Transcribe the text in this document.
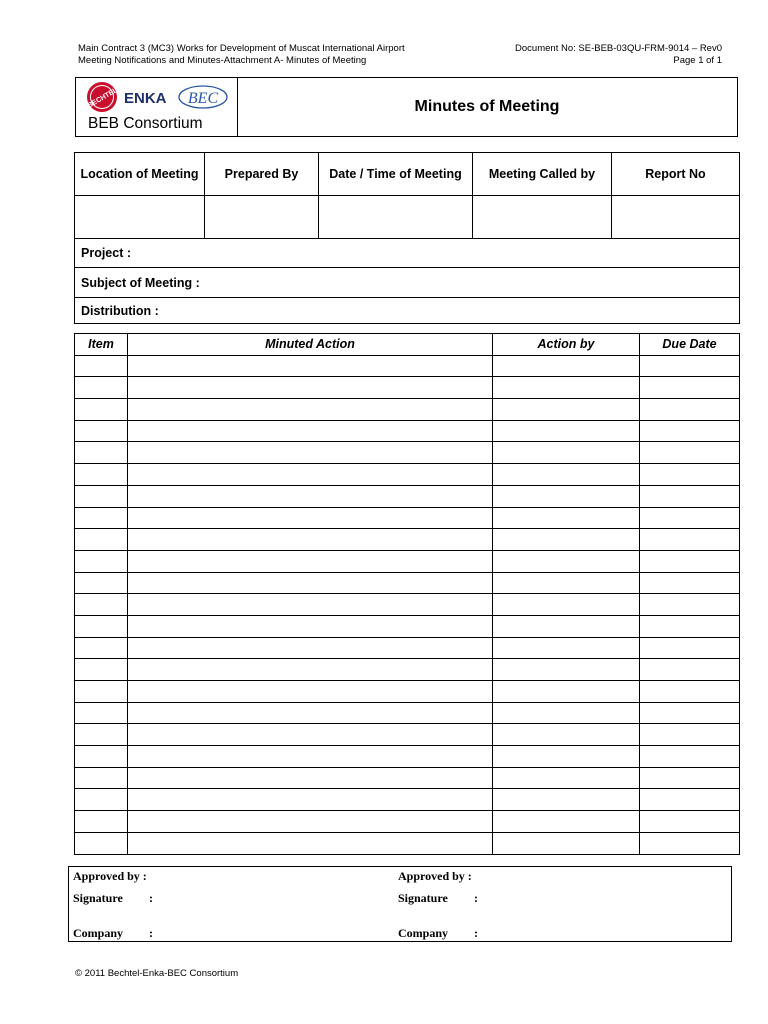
Main Contract 3 (MC3) Works for Development of Muscat International Airport
Meeting Notifications and Minutes-Attachment A- Minutes of Meeting
Document No: SE-BEB-03QU-FRM-9014 – Rev0
Page 1 of 1
BECHTEL ENKA BEC
BEB Consortium
Minutes of Meeting
Location of Meeting	Prepared By	Date / Time of Meeting	Meeting Called by	Report No

Project :				
Subject of Meeting :				
Distribution :				
Item	Minuted Action	Action by	Due Date

Approved by :	Approved by :
Signature :	Signature :
Company :	Company :
© 2011 Bechtel-Enka-BEC Consortium
